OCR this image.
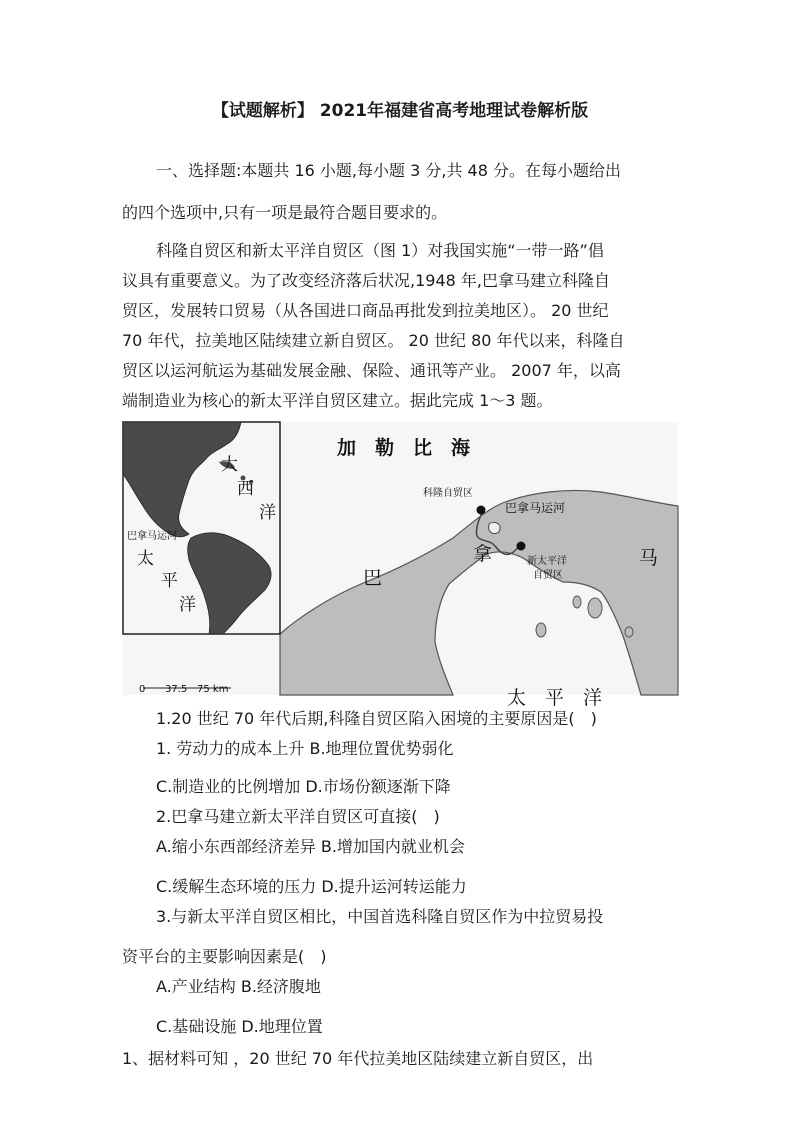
【试题解析】 2021年福建省高考地理试卷解析版
一、选择题:本题共 16 小题,每小题 3 分,共 48 分。在每小题给出
的四个选项中,只有一项是最符合题目要求的。
科隆自贸区和新太平洋自贸区（图 1）对我国实施“一带一路”倡
议具有重要意义。为了改变经济落后状况,1948 年,巴拿马建立科隆自
贸区，发展转口贸易（从各国进口商品再批发到拉美地区）。 20 世纪
70 年代，拉美地区陆续建立新自贸区。 20 世纪 80 年代以来，科隆自
贸区以运河航运为基础发展金融、保险、通讯等产业。 2007 年，以高
端制造业为核心的新太平洋自贸区建立。据此完成 1～3 题。
大
西
洋
巴拿马运河
太
平
洋
加　勒　比　海
科隆自贸区
巴拿马运河
拿	新太平洋
自贸区
巴
马
太　平　洋
0 37.5 75 km
1.20 世纪 70 年代后期,科隆自贸区陷入困境的主要原因是(　)
1. 劳动力的成本上升 B.地理位置优势弱化
C.制造业的比例增加 D.市场份额逐渐下降
2.巴拿马建立新太平洋自贸区可直接(　)
A.缩小东西部经济差异 B.增加国内就业机会
C.缓解生态环境的压力 D.提升运河转运能力
3.与新太平洋自贸区相比，中国首选科隆自贸区作为中拉贸易投
资平台的主要影响因素是(　)
A.产业结构 B.经济腹地
C.基础设施 D.地理位置
1、据材料可知 ，20 世纪 70 年代拉美地区陆续建立新自贸区，出
